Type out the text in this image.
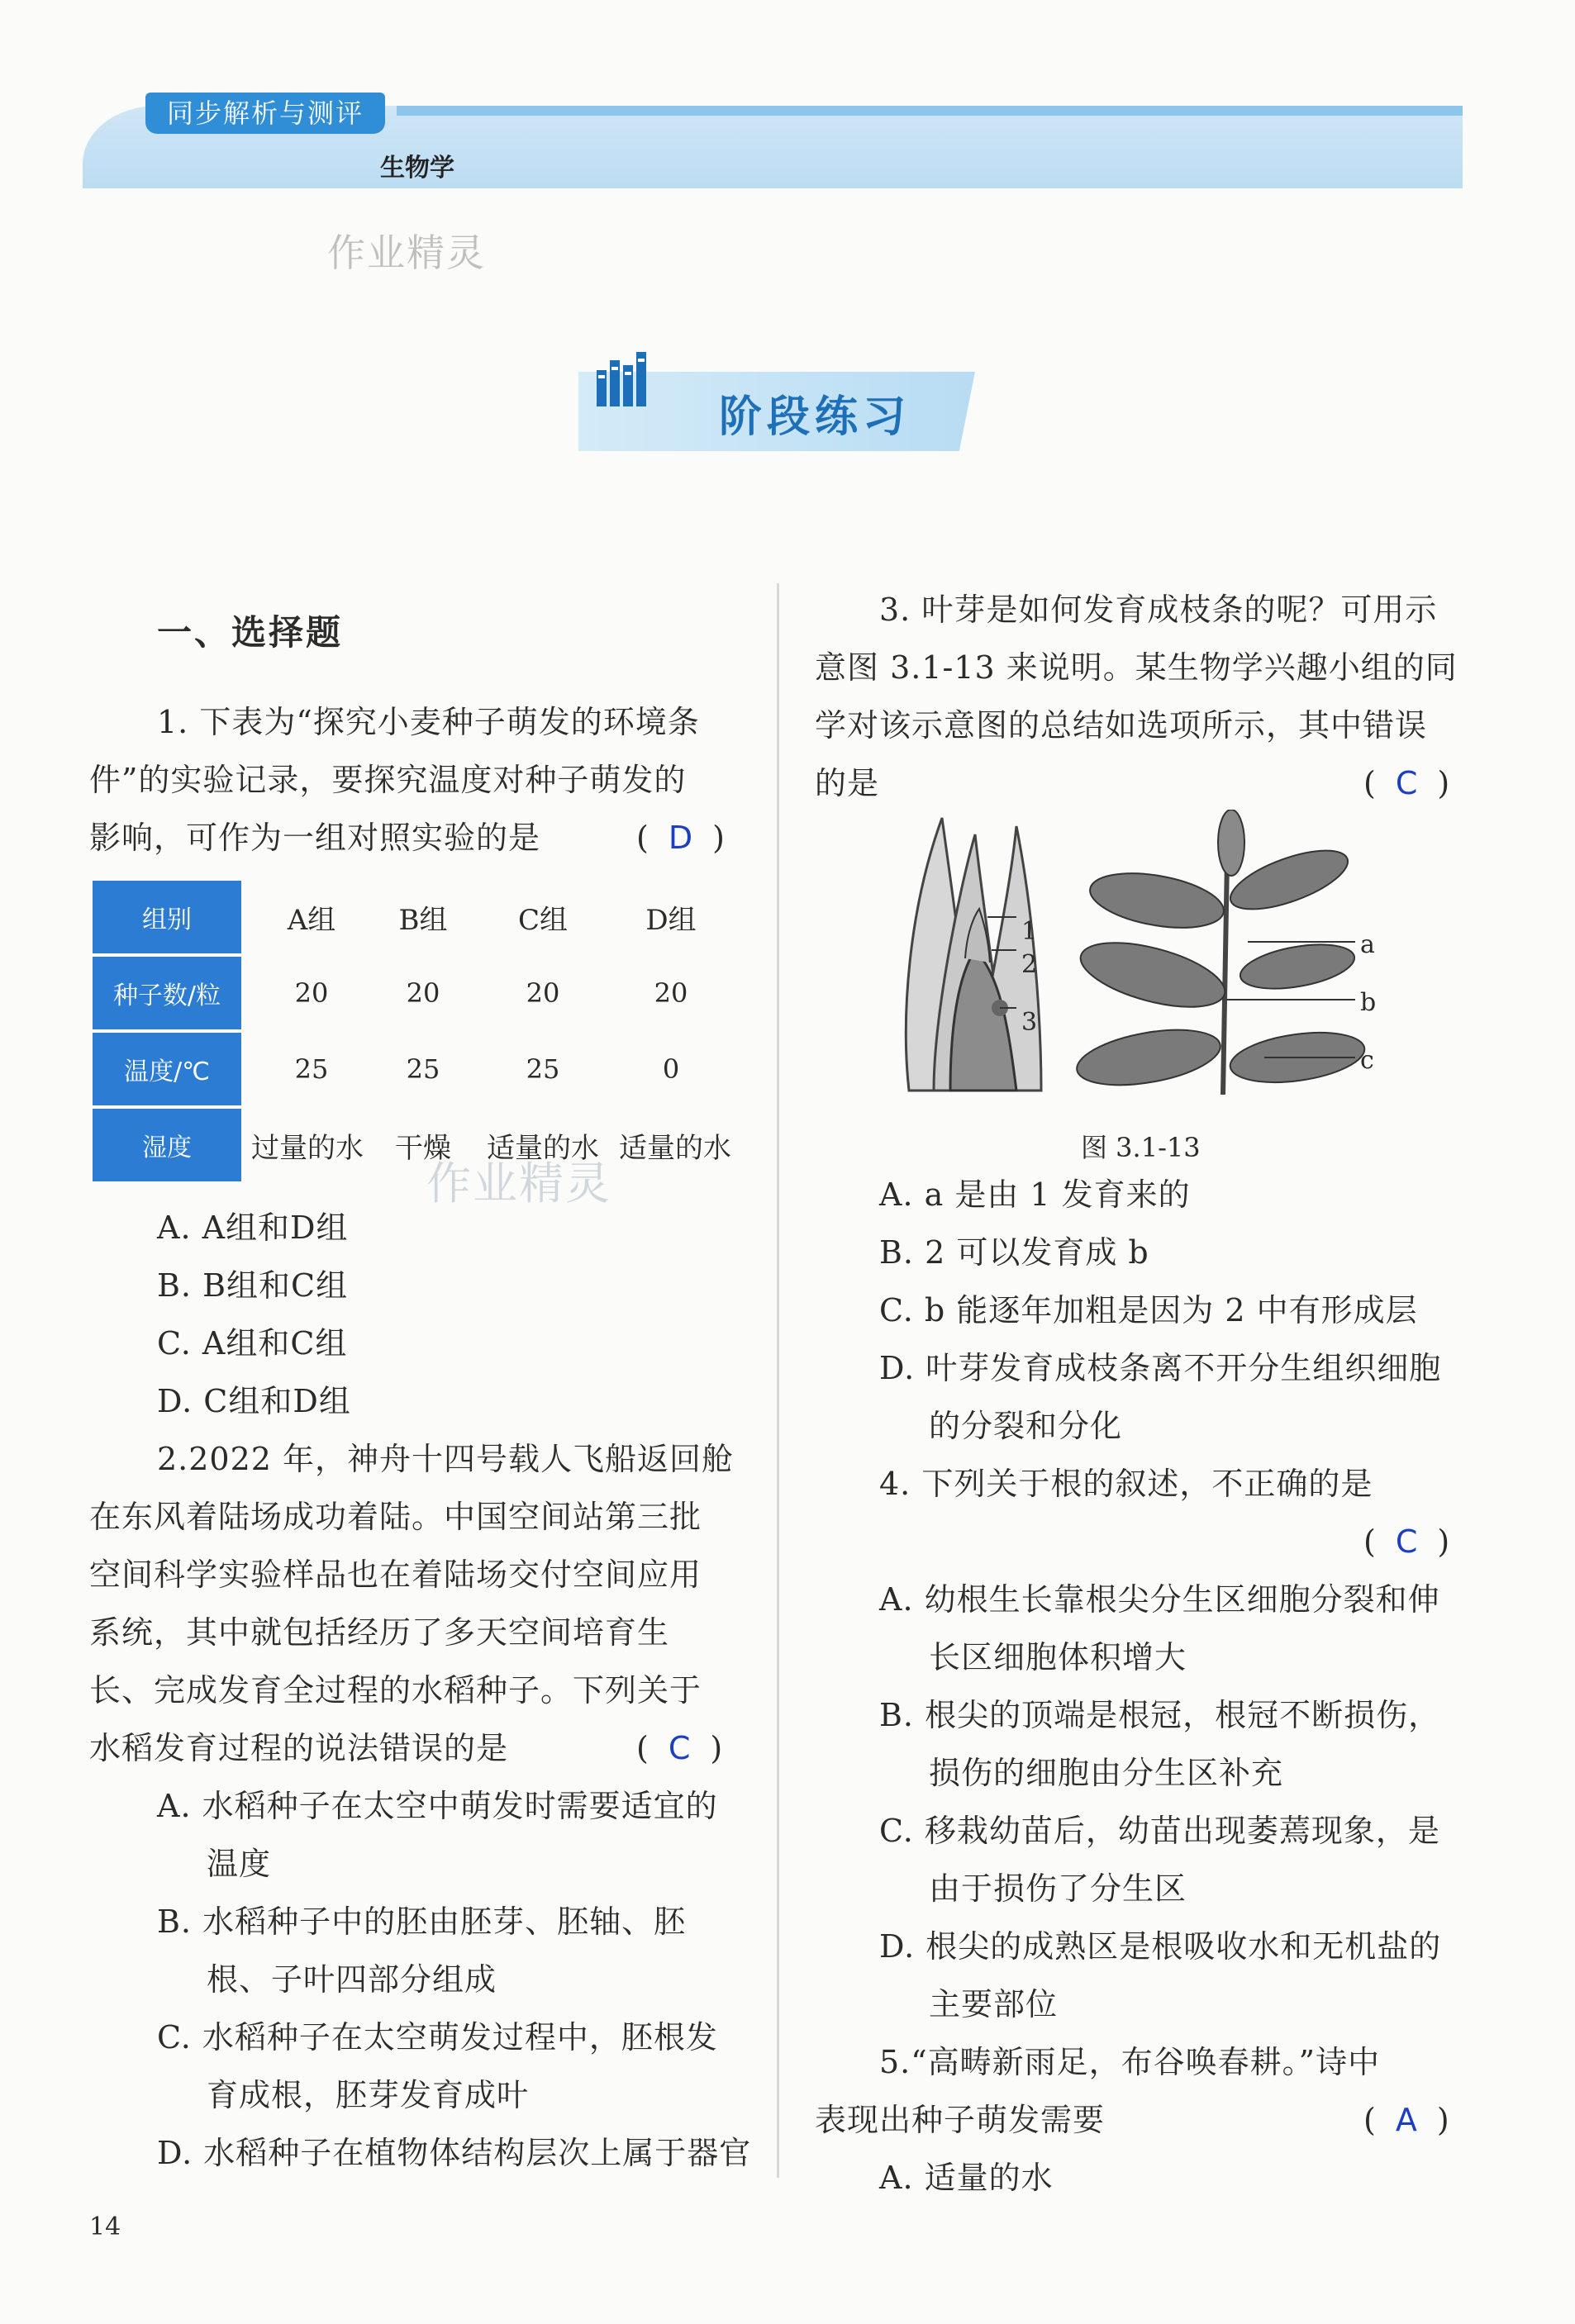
同步解析与测评
生物学
作业精灵
阶段练习
一、选择题
1. 下表为“探究小麦种子萌发的环境条
件”的实验记录，要探究温度对种子萌发的
影响，可作为一组对照实验的是	( D )
组别	A组	B组	C组	D组
种子数/粒	20	20	20	20
温度/℃	25	25	25	0
湿度	过量的水	干燥	适量的水 适量的水
作业精灵
A. A组和D组
B. B组和C组
C. A组和C组
D. C组和D组
2.2022 年，神舟十四号载人飞船返回舱
在东风着陆场成功着陆。中国空间站第三批
空间科学实验样品也在着陆场交付空间应用
系统，其中就包括经历了多天空间培育生
长、完成发育全过程的水稻种子。下列关于
水稻发育过程的说法错误的是	( C )
A. 水稻种子在太空中萌发时需要适宜的
温度
B. 水稻种子中的胚由胚芽、胚轴、胚
根、子叶四部分组成
C. 水稻种子在太空萌发过程中，胚根发
育成根，胚芽发育成叶
D. 水稻种子在植物体结构层次上属于器官
3. 叶芽是如何发育成枝条的呢？可用示
意图 3.1-13 来说明。某生物学兴趣小组的同
学对该示意图的总结如选项所示，其中错误
的是	( C )
1
2
3
a
b
c
图 3.1-13
A. a 是由 1 发育来的
B. 2 可以发育成 b
C. b 能逐年加粗是因为 2 中有形成层
D. 叶芽发育成枝条离不开分生组织细胞
的分裂和分化
4. 下列关于根的叙述，不正确的是
( C )
A. 幼根生长靠根尖分生区细胞分裂和伸
长区细胞体积增大
B. 根尖的顶端是根冠，根冠不断损伤，
损伤的细胞由分生区补充
C. 移栽幼苗后，幼苗出现萎蔫现象，是
由于损伤了分生区
D. 根尖的成熟区是根吸收水和无机盐的
主要部位
5.“高畴新雨足，布谷唤春耕。”诗中
表现出种子萌发需要	( A )
A. 适量的水
14
